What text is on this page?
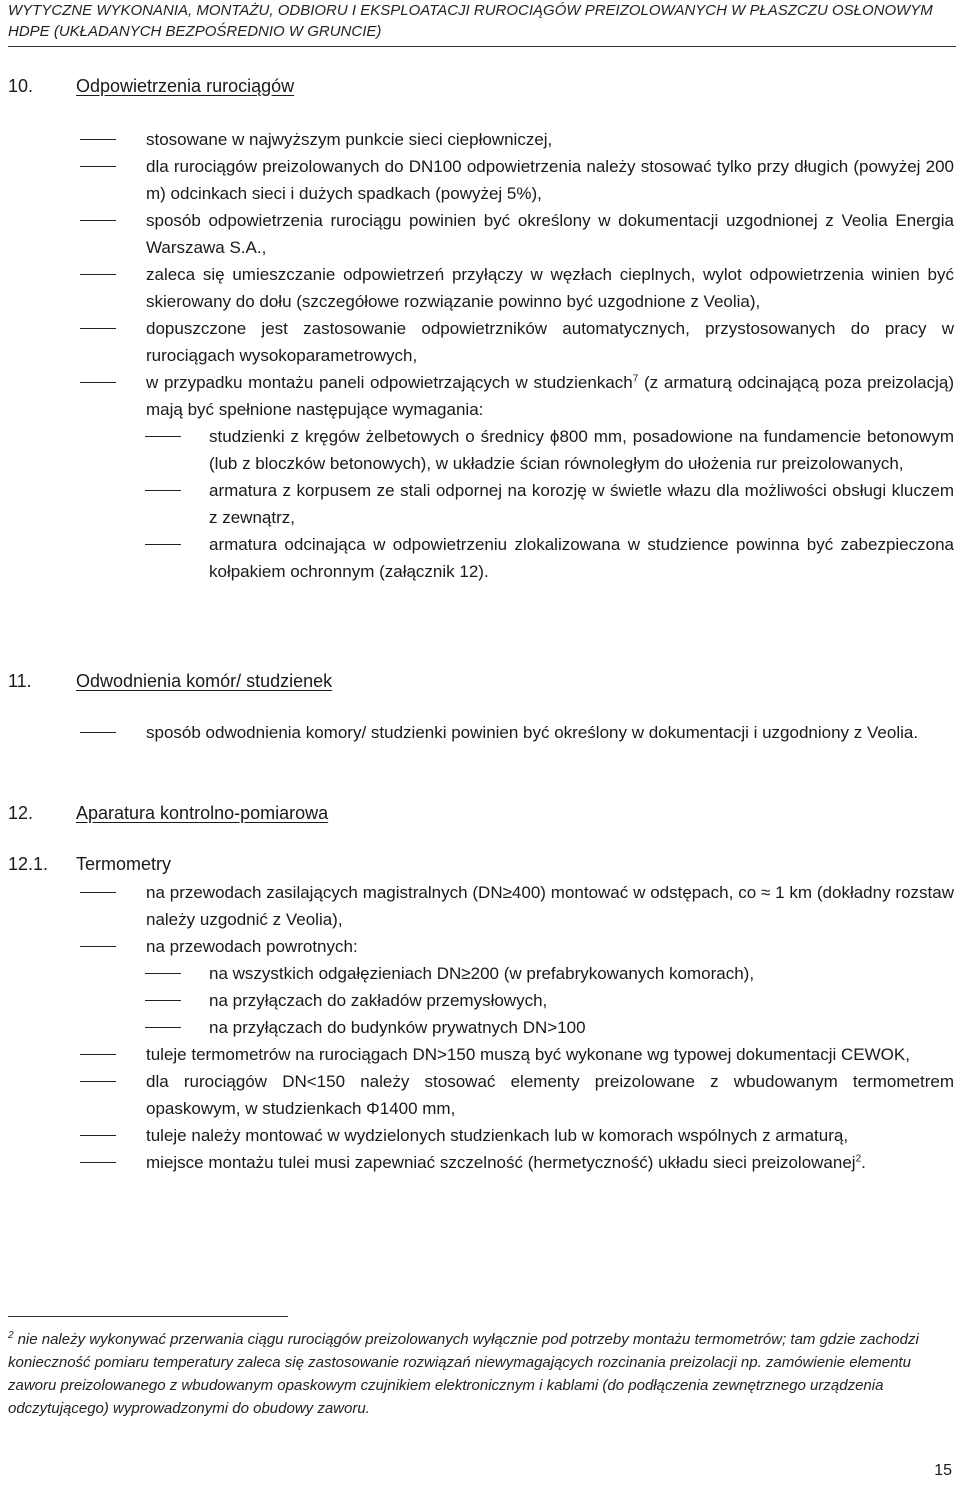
WYTYCZNE WYKONANIA, MONTAŻU, ODBIORU I EKSPLOATACJI RUROCIĄGÓW PREIZOLOWANYCH W PŁASZCZU OSŁONOWYM
HDPE (UKŁADANYCH BEZPOŚREDNIO W GRUNCIE)
10. Odpowietrzenia rurociągów
stosowane w najwyższym punkcie sieci ciepłowniczej,
dla rurociągów preizolowanych do DN100 odpowietrzenia należy stosować tylko przy długich (powyżej 200 m) odcinkach sieci i dużych spadkach (powyżej 5%),
sposób odpowietrzenia rurociągu powinien być określony w dokumentacji uzgodnionej z Veolia Energia Warszawa S.A.,
zaleca się umieszczanie odpowietrzeń przyłączy w węzłach cieplnych, wylot odpowietrzenia winien być skierowany do dołu (szczegółowe rozwiązanie powinno być uzgodnione z Veolia),
dopuszczone jest zastosowanie odpowietrzników automatycznych, przystosowanych do pracy w rurociągach wysokoparametrowych,
w przypadku montażu paneli odpowietrzających w studzienkach$^7$ (z armaturą odcinającą poza preizolacją) mają być spełnione następujące wymagania:
studzienki z kręgów żelbetowych o średnicy ϕ800 mm, posadowione na fundamencie betonowym (lub z bloczków betonowych), w układzie ścian równoległym do ułożenia rur preizolowanych,
armatura z korpusem ze stali odpornej na korozję w świetle włazu dla możliwości obsługi kluczem z zewnątrz,
armatura odcinająca w odpowietrzeniu zlokalizowana w studzience powinna być zabezpieczona kołpakiem ochronnym (załącznik 12).
11. Odwodnienia komór/ studzienek
sposób odwodnienia komory/ studzienki powinien być określony w dokumentacji i uzgodniony z Veolia.
12. Aparatura kontrolno-pomiarowa
12.1. Termometry
na przewodach zasilających magistralnych (DN≥400) montować w odstępach, co ≈ 1 km (dokładny rozstaw należy uzgodnić z Veolia),
na przewodach powrotnych:
na wszystkich odgałęzieniach DN≥200 (w prefabrykowanych komorach),
na przyłączach do zakładów przemysłowych,
na przyłączach do budynków prywatnych DN>100
tuleje termometrów na rurociągach DN>150 muszą być wykonane wg typowej dokumentacji CEWOK,
dla rurociągów DN<150 należy stosować elementy preizolowane z wbudowanym termometrem opaskowym, w studzienkach Φ1400 mm,
tuleje należy montować w wydzielonych studzienkach lub w komorach wspólnych z armaturą,
miejsce montażu tulei musi zapewniać szczelność (hermetyczność) układu sieci preizolowanej$^2$.
$^2$ nie należy wykonywać przerwania ciągu rurociągów preizolowanych wyłącznie pod potrzeby montażu termometrów; tam gdzie zachodzi konieczność pomiaru temperatury zaleca się zastosowanie rozwiązań niewymagających rozcinania preizolacji np. zamówienie elementu zaworu preizolowanego z wbudowanym opaskowym czujnikiem elektronicznym i kablami (do podłączenia zewnętrznego urządzenia odczytującego) wyprowadzonymi do obudowy zaworu.
15
